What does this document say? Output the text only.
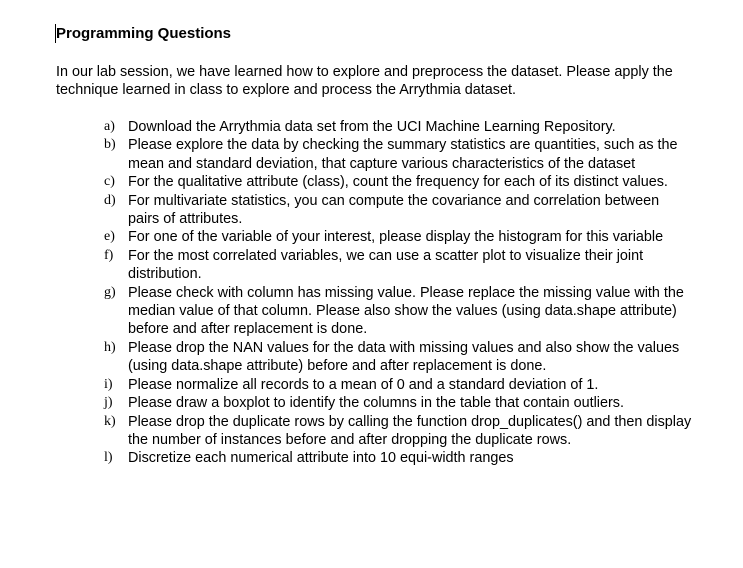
Programming Questions
In our lab session, we have learned how to explore and preprocess the dataset. Please apply the technique learned in class to explore and process the Arrythmia dataset.
a) Download the Arrythmia data set from the UCI Machine Learning Repository.
b) Please explore the data by checking the summary statistics are quantities, such as the mean and standard deviation, that capture various characteristics of the dataset
c) For the qualitative attribute (class), count the frequency for each of its distinct values.
d) For multivariate statistics, you can compute the covariance and correlation between pairs of attributes.
e) For one of the variable of your interest, please display the histogram for this variable
f) For the most correlated variables, we can use a scatter plot to visualize their joint distribution.
g) Please check with column has missing value. Please replace the missing value with the median value of that column. Please also show the values (using data.shape attribute) before and after replacement is done.
h) Please drop the NAN values for the data with missing values and also show the values (using data.shape attribute) before and after replacement is done.
i) Please normalize all records to a mean of 0 and a standard deviation of 1.
j) Please draw a boxplot to identify the columns in the table that contain outliers.
k) Please drop the duplicate rows by calling the function drop_duplicates() and then display the number of instances before and after dropping the duplicate rows.
l) Discretize each numerical attribute into 10 equi-width ranges
